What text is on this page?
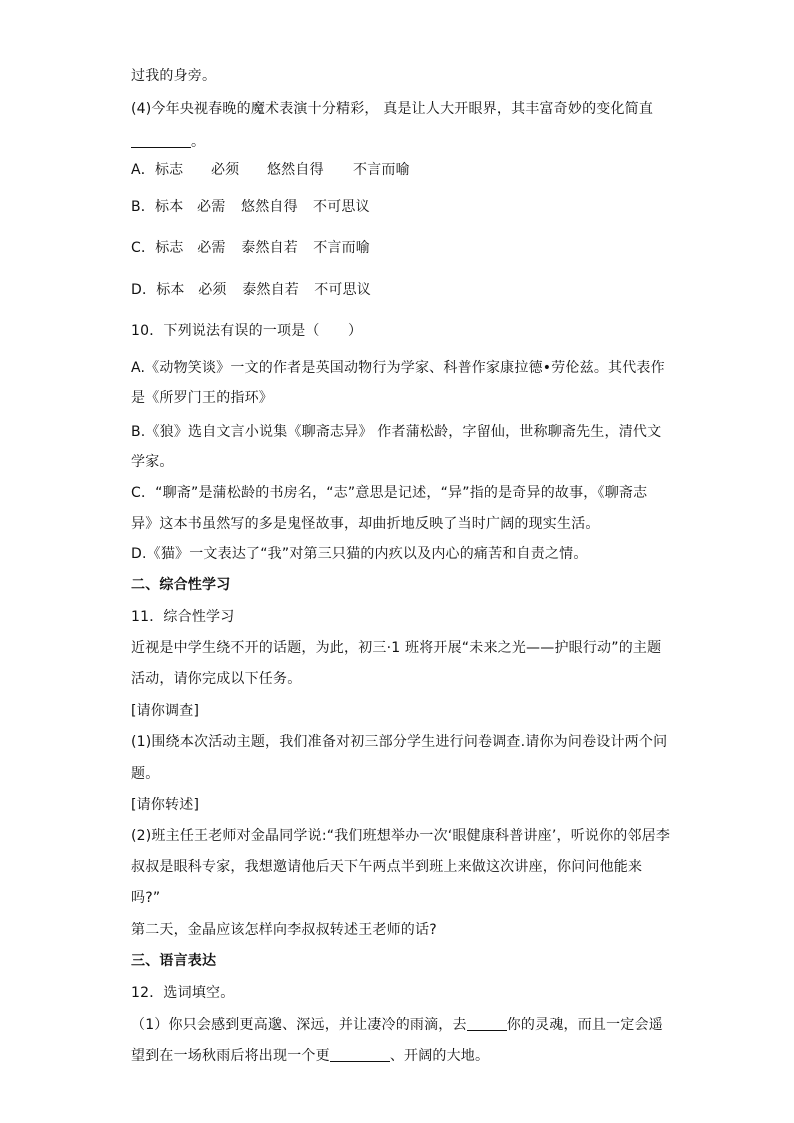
过我的身旁。
(4)今年央视春晚的魔术表演十分精彩， 真是让人大开眼界，其丰富奇妙的变化简直
。
A．标志 必须 悠然自得 不言而喻
B．标本 必需 悠然自得 不可思议
C．标志 必需 泰然自若 不言而喻
D．标本 必须 泰然自若 不可思议
10．下列说法有误的一项是（　　）
A.《动物笑谈》一文的作者是英国动物行为学家、科普作家康拉德•劳伦兹。其代表作
是《所罗门王的指环》
B.《狼》选自文言小说集《聊斋志异》 作者蒲松龄，字留仙，世称聊斋先生，清代文
学家。
C．“聊斋”是蒲松龄的书房名，“志”意思是记述，“异”指的是奇异的故事，《聊斋志
异》这本书虽然写的多是鬼怪故事，却曲折地反映了当时广阔的现实生活。
D.《猫》一文表达了“我”对第三只猫的内疚以及内心的痛苦和自责之情。
二、综合性学习
11．综合性学习
近视是中学生绕不开的话题，为此，初三·1 班将开展“未来之光——护眼行动”的主题
活动，请你完成以下任务。
[请你调查]
(1)围绕本次活动主题，我们准备对初三部分学生进行问卷调查.请你为问卷设计两个问
题。
[请你转述]
(2)班主任王老师对金晶同学说:“我们班想举办一次‘眼健康科普讲座’，听说你的邻居李
叔叔是眼科专家，我想邀请他后天下午两点半到班上来做这次讲座，你问问他能来
吗?”
第二天，金晶应该怎样向李叔叔转述王老师的话?
三、语言表达
12．选词填空。
（1）你只会感到更高邈、深远，并让凄冷的雨滴，去	你的灵魂，而且一定会遥
望到在一场秋雨后将出现一个更	、开阔的大地。
